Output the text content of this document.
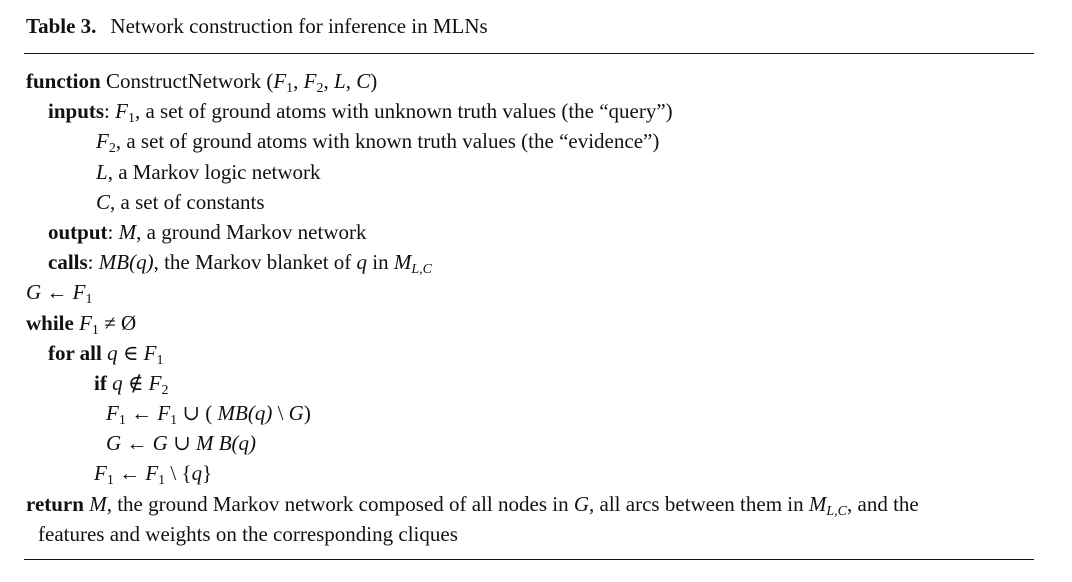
Table 3. Network construction for inference in MLNs
function ConstructNetwork ($F_1$, $F_2$, L, C)
inputs: $F_1$, a set of ground atoms with unknown truth values (the “query”)
$F_2$, a set of ground atoms with known truth values (the “evidence”)
L, a Markov logic network
C, a set of constants
output: M, a ground Markov network
calls: MB(q), the Markov blanket of q in $M_{L,C}$
G ← $F_1$
while $F_1$ ≠ Ø
for all q ∈ $F_1$
if q ∉ $F_2$
$F_1$ ← $F_1$ ∪ ( MB(q) \ G)
G ← G ∪ M B(q)
$F_1$ ← $F_1$ \ {q}
return M, the ground Markov network composed of all nodes in G, all arcs between them in $M_{L,C}$, and the
features and weights on the corresponding cliques
